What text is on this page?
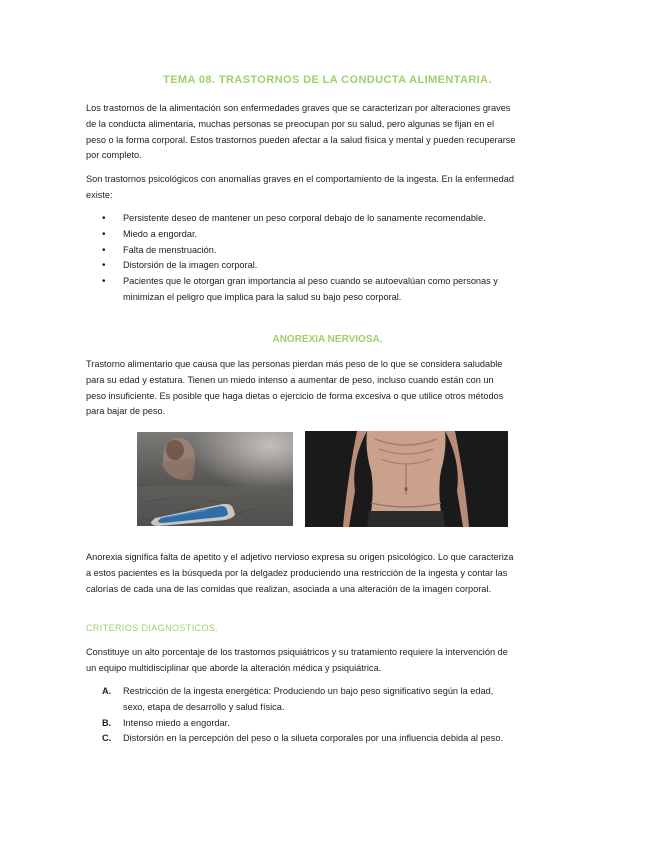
TEMA 08. TRASTORNOS DE LA CONDUCTA ALIMENTARIA.
Los trastornos de la alimentación son enfermedades graves que se caracterizan por alteraciones graves de la conducta alimentaria, muchas personas se preocupan por su salud, pero algunas se fijan en el peso o la forma corporal. Estos trastornos pueden afectar a la salud física y mental y pueden recuperarse por completo.
Son trastornos psicológicos con anomalías graves en el comportamiento de la ingesta. En la enfermedad existe:
• Persistente deseo de mantener un peso corporal debajo de lo sanamente recomendable.
• Miedo a engordar.
• Falta de menstruación.
• Distorsión de la imagen corporal.
• Pacientes que le otorgan gran importancia al peso cuando se autoevalúan como personas y minimizan el peligro que implica para la salud su bajo peso corporal.
ANOREXIA NERVIOSA.
Trastorno alimentario que causa que las personas pierdan más peso de lo que se considera saludable para su edad y estatura. Tienen un miedo intenso a aumentar de peso, incluso cuando están con un peso insuficiente. Es posible que haga dietas o ejercicio de forma excesiva o que utilice otros métodos para bajar de peso.
Anorexia significa falta de apetito y el adjetivo nervioso expresa su origen psicológico. Lo que caracteriza a estos pacientes es la búsqueda por la delgadez produciendo una restricción de la ingesta y contar las calorías de cada una de las comidas que realizan, asociada a una alteración de la imagen corporal.
CRITERIOS DIAGNOSTICOS.
Constituye un alto porcentaje de los trastornos psiquiátricos y su tratamiento requiere la intervención de un equipo multidisciplinar que aborde la alteración médica y psiquiátrica.
A. Restricción de la ingesta energética: Produciendo un bajo peso significativo según la edad, sexo, etapa de desarrollo y salud física.
B. Intenso miedo a engordar.
C. Distorsión en la percepción del peso o la silueta corporales por una influencia debida al peso.
